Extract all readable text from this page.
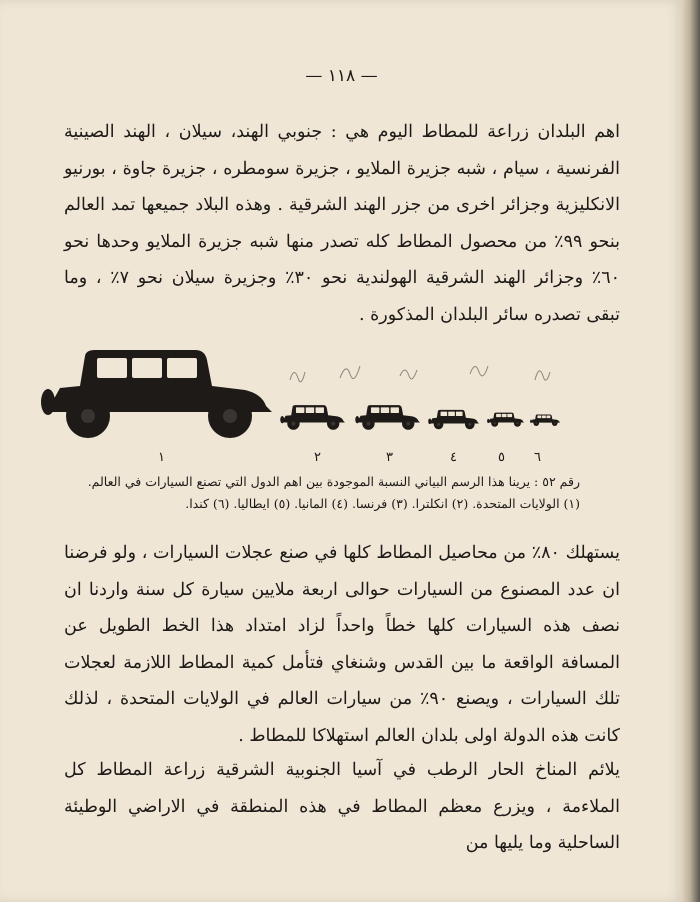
— ١١٨ —

اهم البلدان زراعة للمطاط اليوم هي : جنوبي الهند، سيلان ، الهند الصينية الفرنسية ، سيام ، شبه جزيرة الملايو ، جزيرة سومطره ، جزيرة جاوة ، بورنيو الانكليزية وجزائر اخرى من جزر الهند الشرقية . وهذه البلاد جميعها تمد العالم بنحو ٩٩٪ من محصول المطاط كله تصدر منها شبه جزيرة الملايو وحدها نحو ٦٠٪ وجزائر الهند الشرقية الهولندية نحو ٣٠٪ وجزيرة سيلان نحو ٧٪ ، وما تبقى تصدره سائر البلدان المذكورة .

١	٢	٣	٤	٥ ٦
رقم ٥٢ : يرينا هذا الرسم البياني النسبة الموجودة بين اهم الدول التي تصنع السيارات في العالم.
(١) الولايات المتحدة. (٢) انكلترا. (٣) فرنسا. (٤) المانيا. (٥) ايطاليا. (٦) كندا.

يستهلك ٨٠٪ من محاصيل المطاط كلها في صنع عجلات السيارات ، ولو فرضنا ان عدد المصنوع من السيارات حوالى اربعة ملايين سيارة كل سنة واردنا ان نصف هذه السيارات كلها خطاً واحداً لزاد امتداد هذا الخط الطويل عن المسافة الواقعة ما بين القدس وشنغاي فتأمل كمية المطاط اللازمة لعجلات تلك السيارات ، ويصنع ٩٠٪ من سيارات العالم في الولايات المتحدة ، لذلك كانت هذه الدولة اولى بلدان العالم استهلاكا للمطاط .

يلائم المناخ الحار الرطب في آسيا الجنوبية الشرقية زراعة المطاط كل الملاءمة ، ويزرع معظم المطاط في هذه المنطقة في الاراضي الوطيئة الساحلية وما يليها من
